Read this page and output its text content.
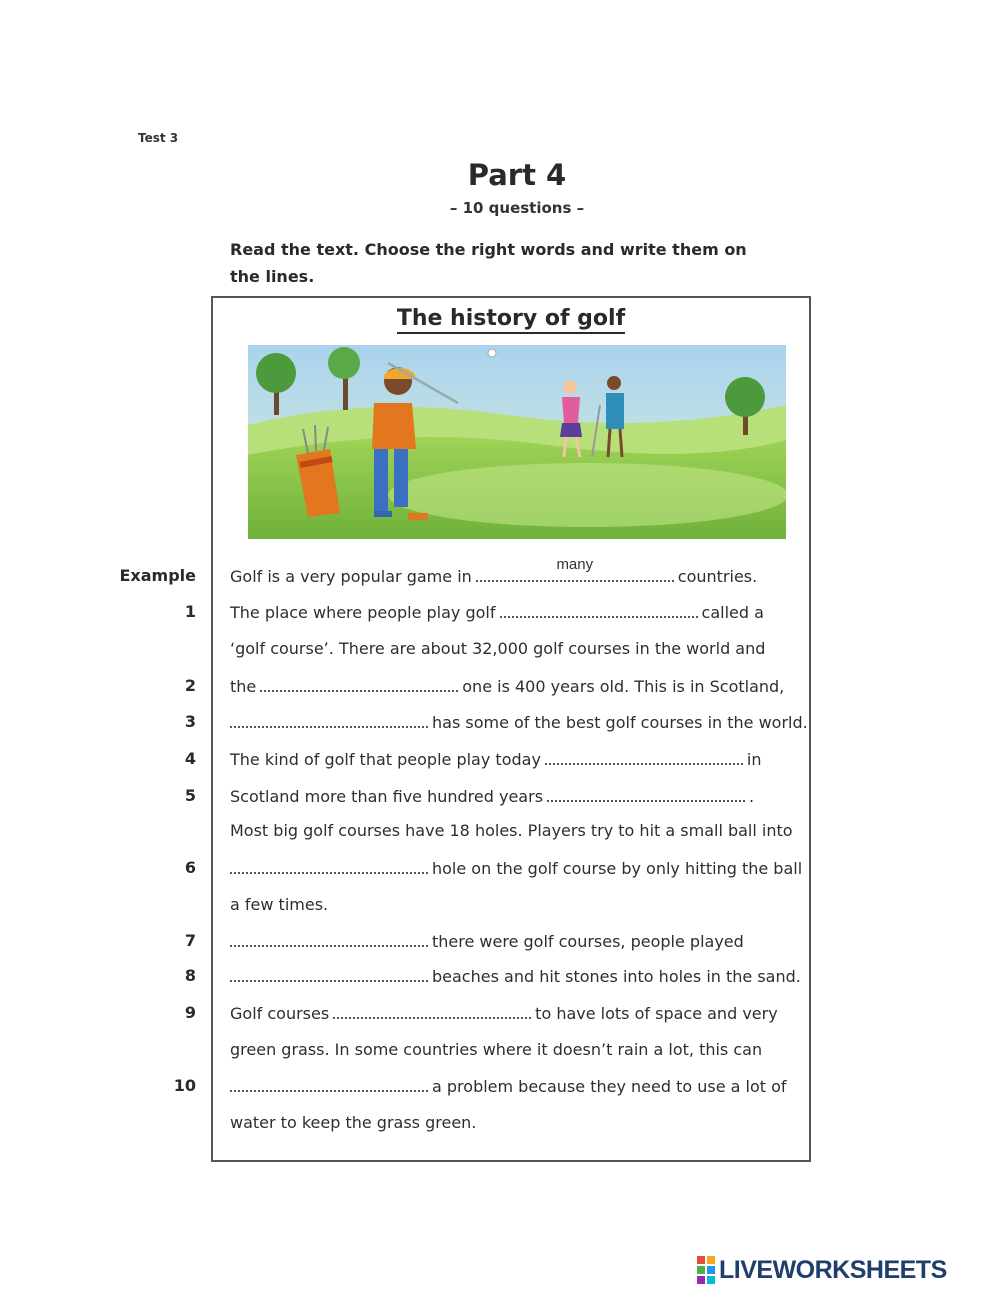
Test 3
Part 4
– 10 questions –
Read the text. Choose the right words and write them on the lines.
The history of golf
Example Golf is a very popular game in
many
countries.
1 The place where people play golf	called a
‘golf course’. There are about 32,000 golf courses in the world and
2 the	one is 400 years old. This is in Scotland,
3	has some of the best golf courses in the world.
4 The kind of golf that people play today	in
5 Scotland more than five hundred years	.
Most big golf courses have 18 holes. Players try to hit a small ball into
6	hole on the golf course by only hitting the ball
a few times.
7	there were golf courses, people played
8	beaches and hit stones into holes in the sand.
9 Golf courses	to have lots of space and very
green grass. In some countries where it doesn’t rain a lot, this can
10	a problem because they need to use a lot of
water to keep the grass green.
LIVEWORKSHEETS
